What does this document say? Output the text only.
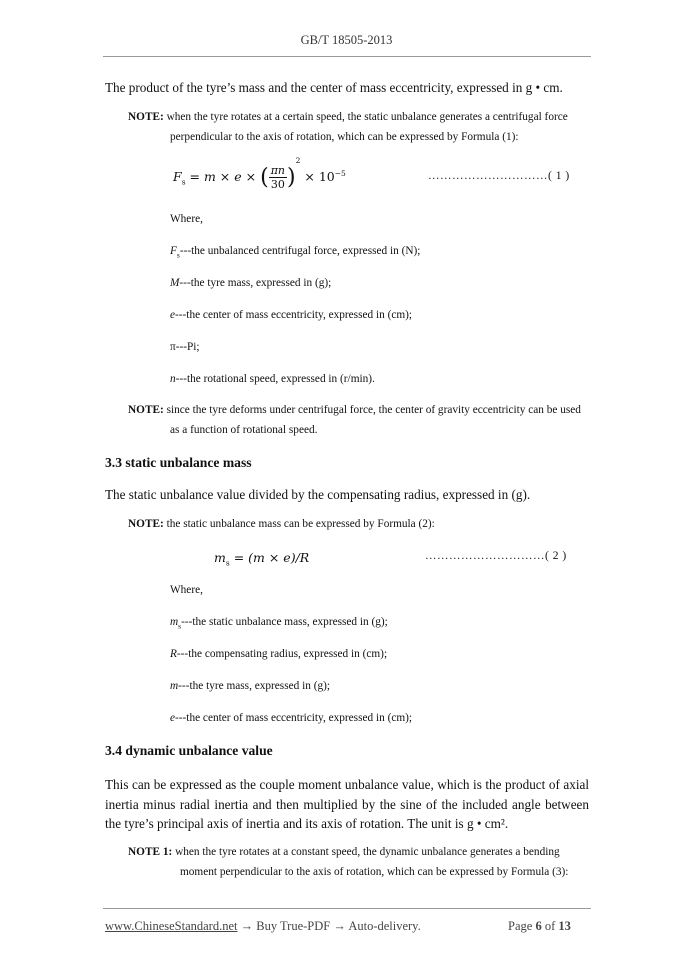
GB/T 18505-2013

The product of the tyre’s mass and the center of mass eccentricity, expressed in g • cm.

NOTE: when the tyre rotates at a certain speed, the static unbalance generates a centrifugal force
perpendicular to the axis of rotation, which can be expressed by Formula (1):
$F_s = m \times e$ × ( $\frac{\pi n}{30} )^2 \times 10^{-5}$	…………………………( 1 )
Where,
$F_s--$-the unbalanced centrifugal force, expressed in (N);
M---the tyre mass, expressed in (g);
e---the center of mass eccentricity, expressed in (cm);
π---Pi;
n---the rotational speed, expressed in (r/min).
NOTE: since the tyre deforms under centrifugal force, the center of gravity eccentricity can be used
as a function of rotational speed.
3.3 static unbalance mass

The static unbalance value divided by the compensating radius, expressed in (g).

NOTE: the static unbalance mass can be expressed by Formula (2):
$m_s = (m \times e)/R$	…………………………( 2 )
Where,
$m_s--$-the static unbalance mass, expressed in (g);
R---the compensating radius, expressed in (cm);
m---the tyre mass, expressed in (g);
e---the center of mass eccentricity, expressed in (cm);
3.4 dynamic unbalance value

This can be expressed as the couple moment unbalance value, which is the product of axial inertia minus radial inertia and then multiplied by the sine of the included angle between the tyre’s principal axis of inertia and its axis of rotation. The unit is g • cm².

NOTE 1: when the tyre rotates at a constant speed, the dynamic unbalance generates a bending
moment perpendicular to the axis of rotation, which can be expressed by Formula (3):
www.ChineseStandard.net → Buy True-PDF → Auto-delivery.	Page 6 of 13
